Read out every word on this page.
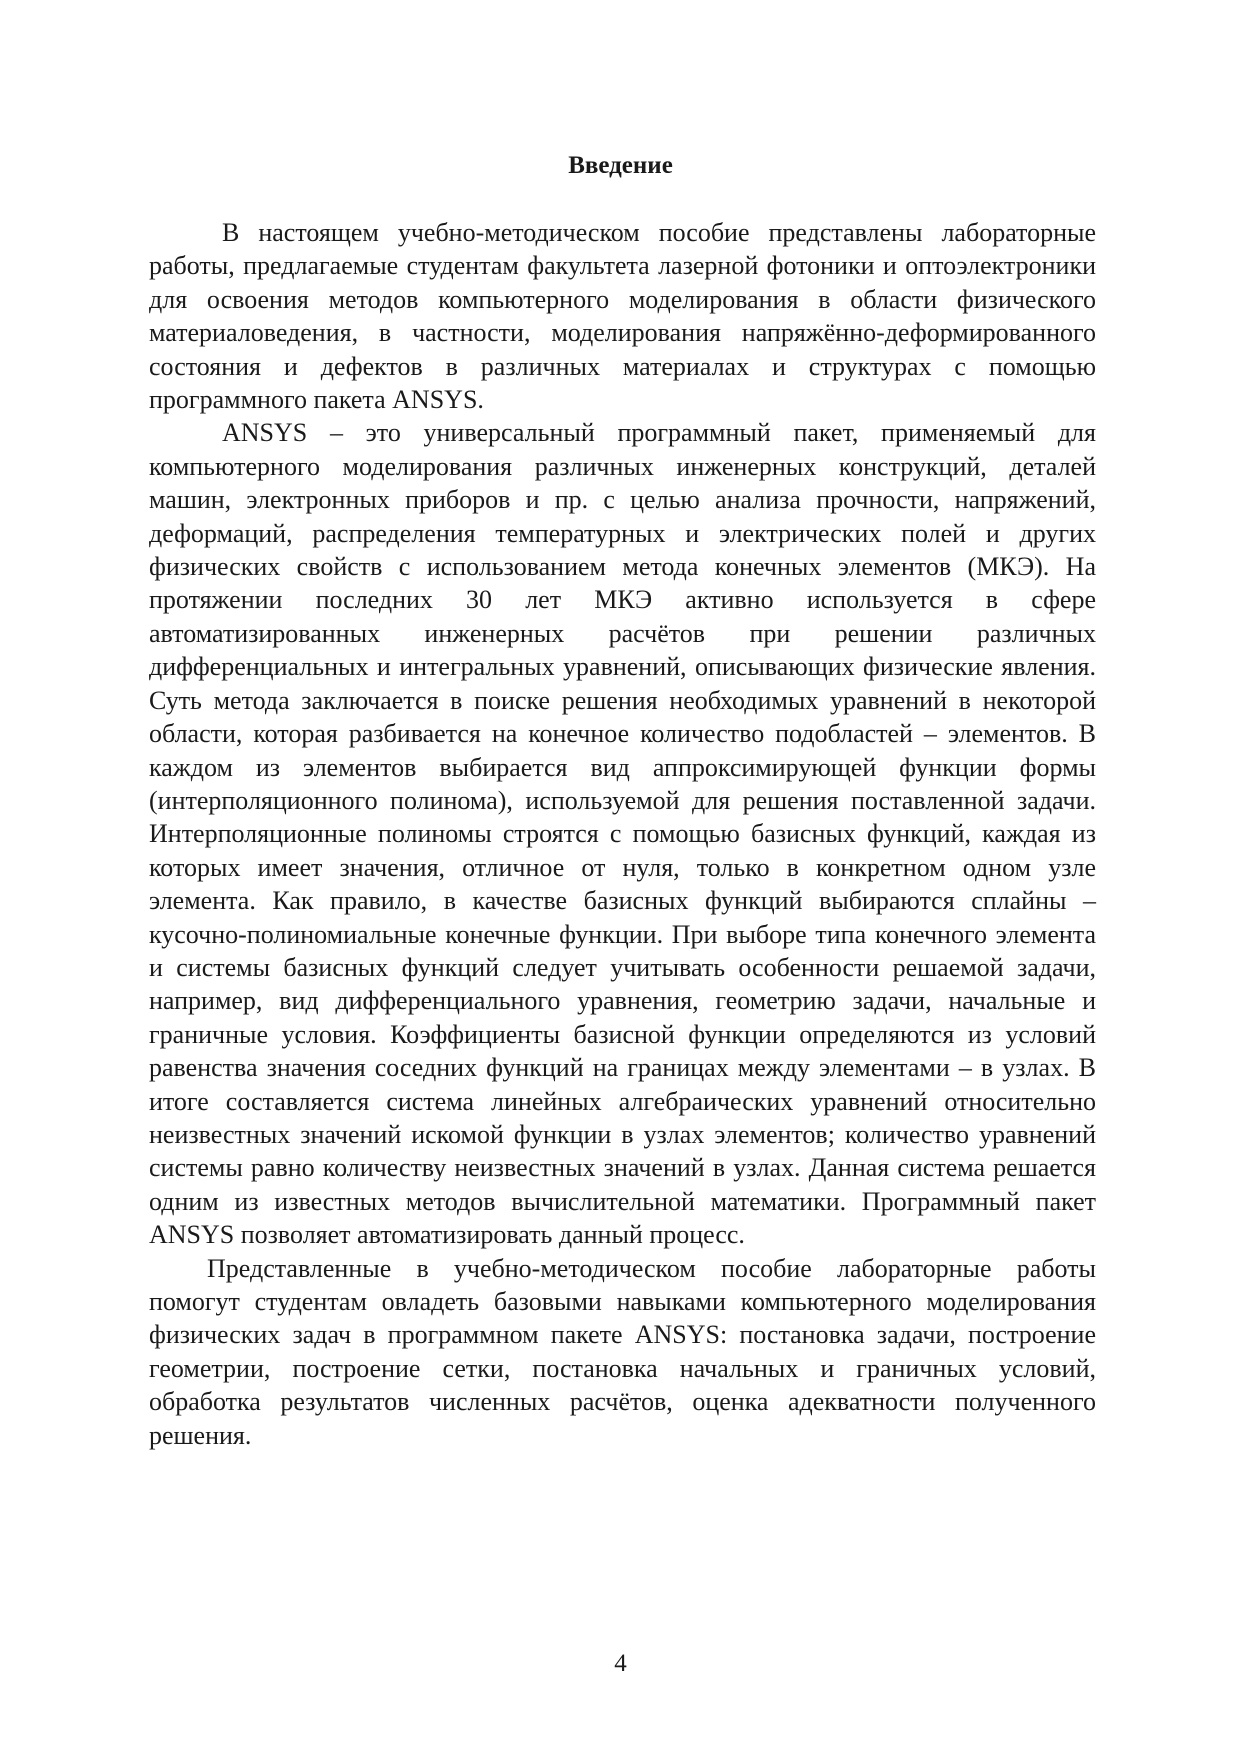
Введение

В настоящем учебно-методическом пособие представлены лабораторные работы, предлагаемые студентам факультета лазерной фотоники и оптоэлектроники для освоения методов компьютерного моделирования в области физического материаловедения, в частности, моделирования напряжённо-деформированного состояния и дефектов в различных материалах и структурах с помощью программного пакета ANSYS.

ANSYS – это универсальный программный пакет, применяемый для компьютерного моделирования различных инженерных конструкций, деталей машин, электронных приборов и пр. с целью анализа прочности, напряжений, деформаций, распределения температурных и электрических полей и других физических свойств с использованием метода конечных элементов (МКЭ). На протяжении последних 30 лет МКЭ активно используется в сфере автоматизированных инженерных расчётов при решении различных дифференциальных и интегральных уравнений, описывающих физические явления. Суть метода заключается в поиске решения необходимых уравнений в некоторой области, которая разбивается на конечное количество подобластей – элементов. В каждом из элементов выбирается вид аппроксимирующей функции формы (интерполяционного полинома), используемой для решения поставленной задачи. Интерполяционные полиномы строятся с помощью базисных функций, каждая из которых имеет значения, отличное от нуля, только в конкретном одном узле элемента. Как правило, в качестве базисных функций выбираются сплайны – кусочно-полиномиальные конечные функции. При выборе типа конечного элемента и системы базисных функций следует учитывать особенности решаемой задачи, например, вид дифференциального уравнения, геометрию задачи, начальные и граничные условия. Коэффициенты базисной функции определяются из условий равенства значения соседних функций на границах между элементами – в узлах. В итоге составляется система линейных алгебраических уравнений относительно неизвестных значений искомой функции в узлах элементов; количество уравнений системы равно количеству неизвестных значений в узлах. Данная система решается одним из известных методов вычислительной математики. Программный пакет ANSYS позволяет автоматизировать данный процесс.

Представленные в учебно-методическом пособие лабораторные работы помогут студентам овладеть базовыми навыками компьютерного моделирования физических задач в программном пакете ANSYS: постановка задачи, построение геометрии, построение сетки, постановка начальных и граничных условий, обработка результатов численных расчётов, оценка адекватности полученного решения.

4
